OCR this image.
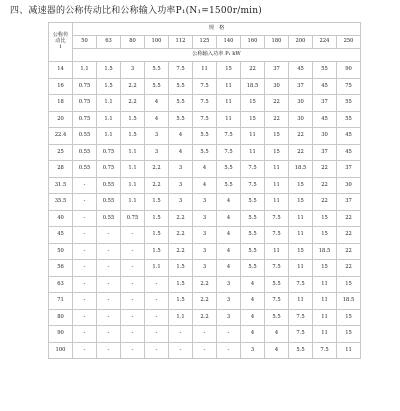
四、减速器的公称传动比和公称输入功率P₁(N₁=1500r/min)
公称传
动比
i	规　格											
	50	63	80	100	112	125	140	160	180	200	224	250
	公称输入功率 P₁ kW											
14	1.1	1.5	3	5.5	7.5	11	15	22	37	45	55	90
16	0.75	1.5	2.2	5.5	5.5	7.5	11	18.5	30	37	45	75
18	0.75	1.1	2.2	4	5.5	7.5	11	15	22	30	37	55
20	0.75	1.1	1.5	4	5.5	7.5	11	15	22	30	45	55
22.4	0.55	1.1	1.5	3	4	5.5	7.5	11	15	22	30	45
25	0.55	0.75	1.1	3	4	5.5	7.5	11	15	22	37	45
28	0.55	0.75	1.1	2.2	3	4	5.5	7.5	11	18.5	22	37
31.5	-	0.55	1.1	2.2	3	4	5.5	7.5	11	15	22	30
35.5	-	0.55	1.1	1.5	3	3	4	5.5	11	15	22	37
40	-	0.55	0.75	1.5	2.2	3	4	5.5	7.5	11	15	22
45	-	-	-	1.5	2.2	3	4	5.5	7.5	11	15	22
50	-	-	-	1.5	2.2	3	4	5.5	11	15	18.5	22
56	-	-	-	1.1	1.5	3	4	5.5	7.5	11	15	22
63	-	-	-	-	1.5	2.2	3	4	5.5	7.5	11	15
71	-	-	-	-	1.5	2.2	3	4	7.5	11	11	18.5
80	-	-	-	-	1.1	2.2	3	4	5.5	7.5	11	15
90	-	-	-	-	-	-	-	4	4	7.5	11	15
100	-	-	-	-	-	-	-	3	4	5.5	7.5	11
